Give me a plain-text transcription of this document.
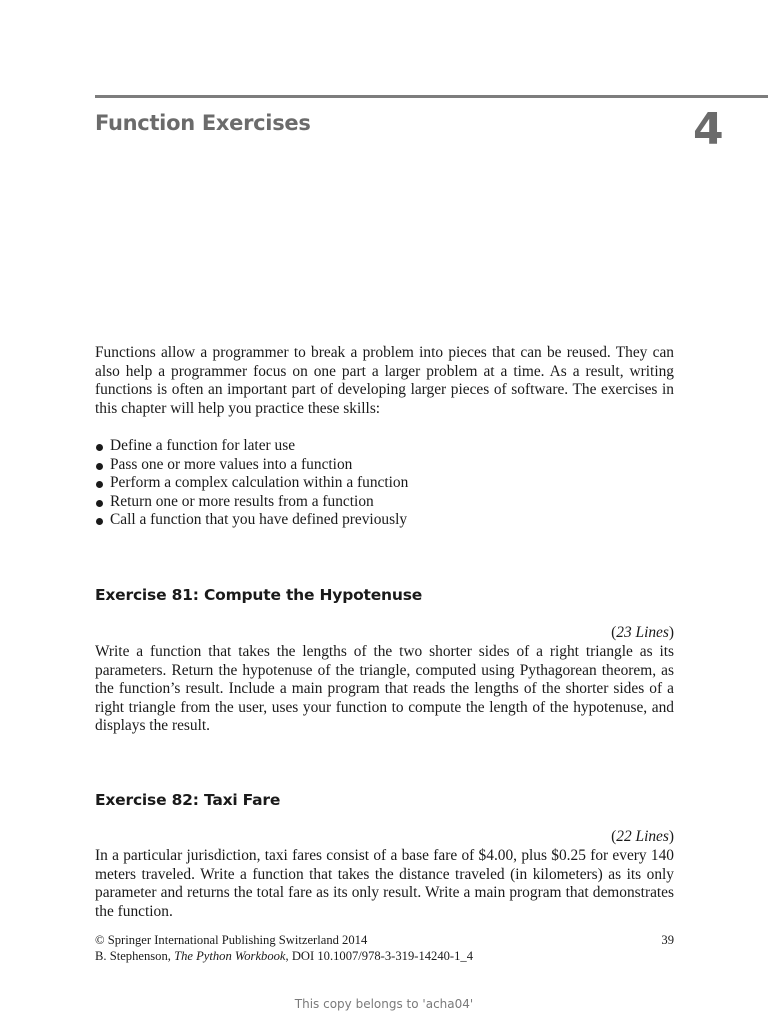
Function Exercises	4

Functions allow a programmer to break a problem into pieces that can be reused. They can also help a programmer focus on one part a larger problem at a time. As a result, writing functions is often an important part of developing larger pieces of software. The exercises in this chapter will help you practice these skills:

Define a function for later use
Pass one or more values into a function
Perform a complex calculation within a function
Return one or more results from a function
Call a function that you have defined previously
Exercise 81: Compute the Hypotenuse
(23 Lines)

Write a function that takes the lengths of the two shorter sides of a right triangle as its parameters. Return the hypotenuse of the triangle, computed using Pythagorean theorem, as the function’s result. Include a main program that reads the lengths of the shorter sides of a right triangle from the user, uses your function to compute the length of the hypotenuse, and displays the result.

Exercise 82: Taxi Fare
(22 Lines)

In a particular jurisdiction, taxi fares consist of a base fare of $4.00, plus $0.25 for every 140 meters traveled. Write a function that takes the distance traveled (in kilometers) as its only parameter and returns the total fare as its only result. Write a main program that demonstrates the function.

© Springer International Publishing Switzerland 2014	39
B. Stephenson, The Python Workbook, DOI 10.1007/978-3-319-14240-1_4
This copy belongs to 'acha04'
